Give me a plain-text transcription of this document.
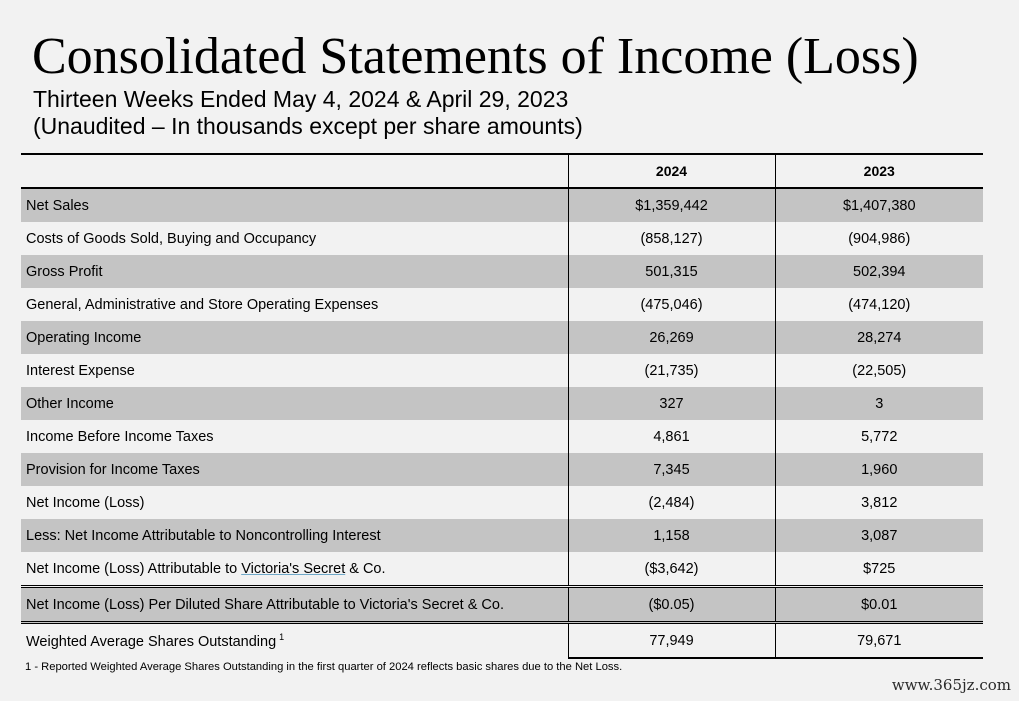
Consolidated Statements of Income (Loss)
Thirteen Weeks Ended May 4, 2024 & April 29, 2023
(Unaudited – In thousands except per share amounts)
	2024	2023
Net Sales	$1,359,442	$1,407,380
Costs of Goods Sold, Buying and Occupancy	(858,127)	(904,986)
Gross Profit	501,315	502,394
General, Administrative and Store Operating Expenses	(475,046)	(474,120)
Operating Income	26,269	28,274
Interest Expense	(21,735)	(22,505)
Other Income	327	3
Income Before Income Taxes	4,861	5,772
Provision for Income Taxes	7,345	1,960
Net Income (Loss)	(2,484)	3,812
Less: Net Income Attributable to Noncontrolling Interest	1,158	3,087
Net Income (Loss) Attributable to Victoria's Secret & Co.	($3,642)	$725
Net Income (Loss) Per Diluted Share Attributable to Victoria's Secret & Co.	($0.05)	$0.01
Weighted Average Shares Outstanding $^1$	77,949	79,671
1 - Reported Weighted Average Shares Outstanding in the first quarter of 2024 reflects basic shares due to the Net Loss.
www.365jz.com
